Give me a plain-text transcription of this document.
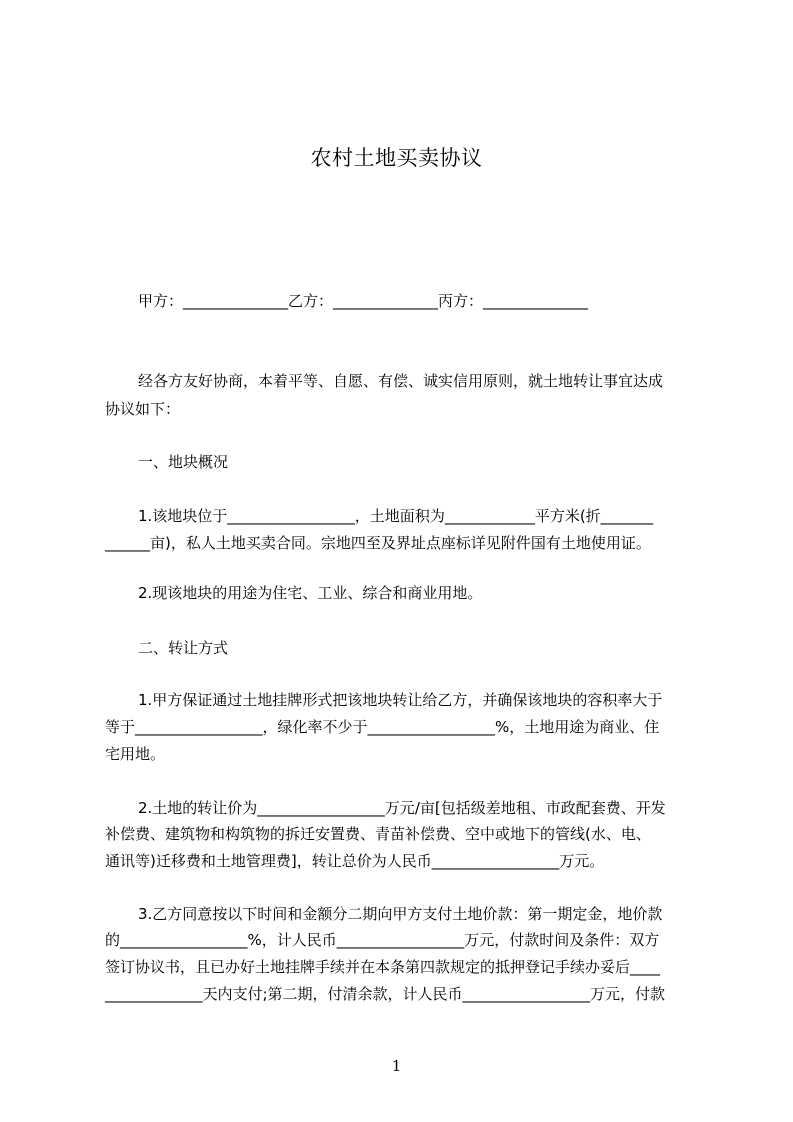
农村土地买卖协议
甲方：______________乙方：______________丙方：______________
经各方友好协商，本着平等、自愿、有偿、诚实信用原则，就土地转让事宜达成
协议如下：
一、地块概况
1.该地块位于_________________，土地面积为____________平方米(折_______
______亩)，私人土地买卖合同。宗地四至及界址点座标详见附件国有土地使用证。
2.现该地块的用途为住宅、工业、综合和商业用地。
二、转让方式
1.甲方保证通过土地挂牌形式把该地块转让给乙方，并确保该地块的容积率大于
等于_________________，绿化率不少于_________________%，土地用途为商业、住
宅用地。
2.土地的转让价为_________________万元/亩[包括级差地租、市政配套费、开发
补偿费、建筑物和构筑物的拆迁安置费、青苗补偿费、空中或地下的管线(水、电、
通讯等)迁移费和土地管理费]，转让总价为人民币_________________万元。
3.乙方同意按以下时间和金额分二期向甲方支付土地价款：第一期定金，地价款
的_________________%，计人民币_________________万元，付款时间及条件：双方
签订协议书，且已办好土地挂牌手续并在本条第四款规定的抵押登记手续办妥后____
_____________天内支付;第二期，付清余款，计人民币_________________万元，付款
1
